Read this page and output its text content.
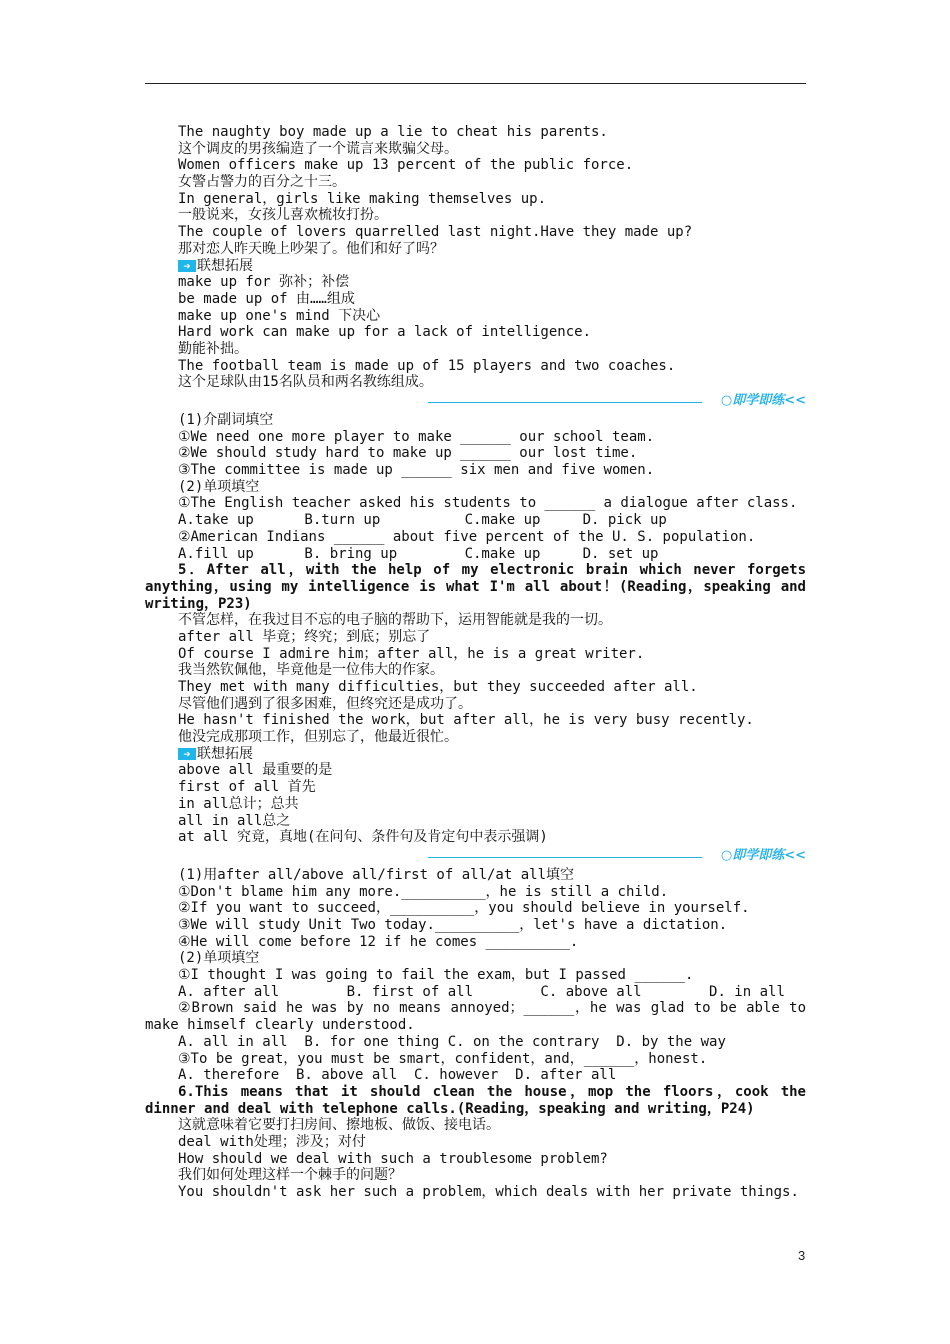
The naughty boy made up a lie to cheat his parents.
这个调皮的男孩编造了一个谎言来欺骗父母。
Women officers make up 13 percent of the public force.
女警占警力的百分之十三。
In general，girls like making themselves up.
一般说来，女孩儿喜欢梳妆打扮。
The couple of lovers quarrelled last night.Have they made up?
那对恋人昨天晚上吵架了。他们和好了吗？
➔ 联想拓展
make up for 弥补；补偿
be made up of 由……组成
make up one's mind 下决心
Hard work can make up for a lack of intelligence.
勤能补拙。
The football team is made up of 15 players and two coaches.
这个足球队由15名队员和两名教练组成。
○即学即练<<
(1)介副词填空
①We need one more player to make ______ our school team.
②We should study hard to make up ______ our lost time.
③The committee is made up ______ six men and five women.
(2)单项填空
①The English teacher asked his students to ______ a dialogue after class.
A.take up      B.turn up          C.make up     D. pick up
②American Indians ______ about five percent of the U. S. population.
A.fill up      B. bring up        C.make up     D. set up
5．After all，with the help of my electronic brain which never forgets anything，using my intelligence is what I'm all about！(Reading，speaking and writing，P23)
不管怎样，在我过目不忘的电子脑的帮助下，运用智能就是我的一切。
after all 毕竟；终究；到底；别忘了
Of course I admire him；after all，he is a great writer.
我当然钦佩他，毕竟他是一位伟大的作家。
They met with many difficulties，but they succeeded after all.
尽管他们遇到了很多困难，但终究还是成功了。
He hasn't finished the work，but after all，he is very busy recently.
他没完成那项工作，但别忘了，他最近很忙。
➔ 联想拓展
above all 最重要的是
first of all 首先
in all总计；总共
all in all总之
at all 究竟，真地(在问句、条件句及肯定句中表示强调)
○即学即练<<
(1)用after all/above all/first of all/at all填空
①Don't blame him any more.__________，he is still a child.
②If you want to succeed，__________，you should believe in yourself.
③We will study Unit Two today.__________，let's have a dictation.
④He will come before 12 if he comes __________.
(2)单项填空
①I thought I was going to fail the exam，but I passed ______.
A. after all        B. first of all        C. above all        D. in all
②Brown said he was by no means annoyed；______，he was glad to be able to make himself clearly understood.
A. all in all  B. for one thing C. on the contrary  D. by the way
③To be great，you must be smart，confident，and，______，honest.
A. therefore  B. above all  C. however  D. after all
6.This means that it should clean the house，mop the floors，cook the dinner and deal with telephone calls.(Reading，speaking and writing，P24)
这就意味着它要打扫房间、擦地板、做饭、接电话。
deal with处理；涉及；对付
How should we deal with such a troublesome problem?
我们如何处理这样一个棘手的问题？
You shouldn't ask her such a problem，which deals with her private things.
3
